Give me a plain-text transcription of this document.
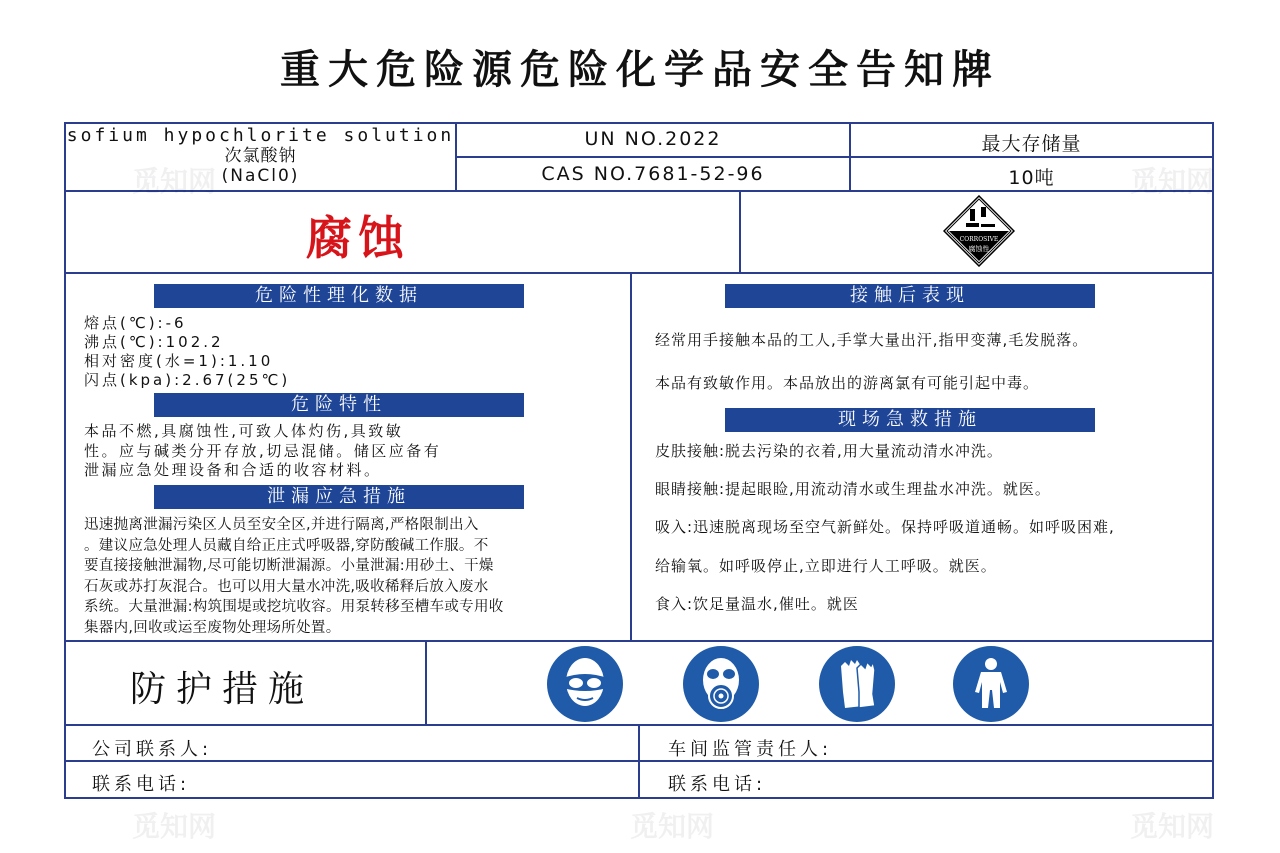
重大危险源危险化学品安全告知牌
sofium hypochlorite solution
次氯酸钠
(NaCl0)
UN NO.2022
CAS NO.7681-52-96
最大存储量
10吨
腐蚀	CORROSIVE
腐蚀性
危险性理化数据
熔点(℃):-6
沸点(℃):102.2
相对密度(水=1):1.10
闪点(kpa):2.67(25℃)
危险特性
本品不燃,具腐蚀性,可致人体灼伤,具致敏
性。应与碱类分开存放,切忌混储。储区应备有
泄漏应急处理设备和合适的收容材料。
泄漏应急措施
迅速抛离泄漏污染区人员至安全区,并进行隔离,严格限制出入
。建议应急处理人员藏自给正庄式呼吸器,穿防酸碱工作服。不
要直接接触泄漏物,尽可能切断泄漏源。小量泄漏:用砂土、干燥
石灰或苏打灰混合。也可以用大量水冲洗,吸收稀释后放入废水
系统。大量泄漏:构筑围堤或挖坑收容。用泵转移至槽车或专用收
集器内,回收或运至废物处理场所处置。
接触后表现
经常用手接触本品的工人,手掌大量出汗,指甲变薄,毛发脱落。
本品有致敏作用。本品放出的游离氯有可能引起中毒。
现场急救措施
皮肤接触:脱去污染的衣着,用大量流动清水冲洗。
眼睛接触:提起眼睑,用流动清水或生理盐水冲洗。就医。
吸入:迅速脱离现场至空气新鲜处。保持呼吸道通畅。如呼吸困难,
给输氧。如呼吸停止,立即进行人工呼吸。就医。
食入:饮足量温水,催吐。就医
防护措施
公司联系人:	车间监管责任人:
联系电话:	联系电话:
觅知网	觅知网
觅知网	觅知网	觅知网
